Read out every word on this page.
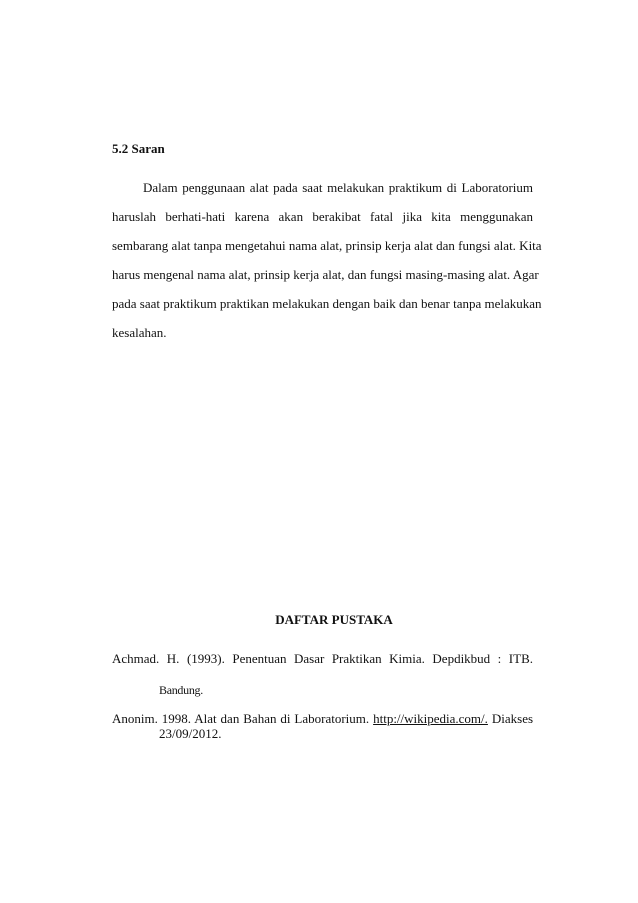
5.2 Saran
Dalam penggunaan alat pada saat melakukan praktikum di Laboratorium
haruslah berhati-hati karena akan berakibat fatal jika kita menggunakan
sembarang alat tanpa mengetahui nama alat, prinsip kerja alat dan fungsi alat. Kita
harus mengenal nama alat, prinsip kerja alat, dan fungsi masing-masing alat. Agar
pada saat praktikum praktikan melakukan dengan baik dan benar tanpa melakukan
kesalahan.
DAFTAR PUSTAKA
Achmad. H. (1993). Penentuan Dasar Praktikan Kimia. Depdikbud : ITB.
Bandung.
Anonim. 1998. Alat dan Bahan di Laboratorium. http://wikipedia.com/. Diakses
23/09/2012.
